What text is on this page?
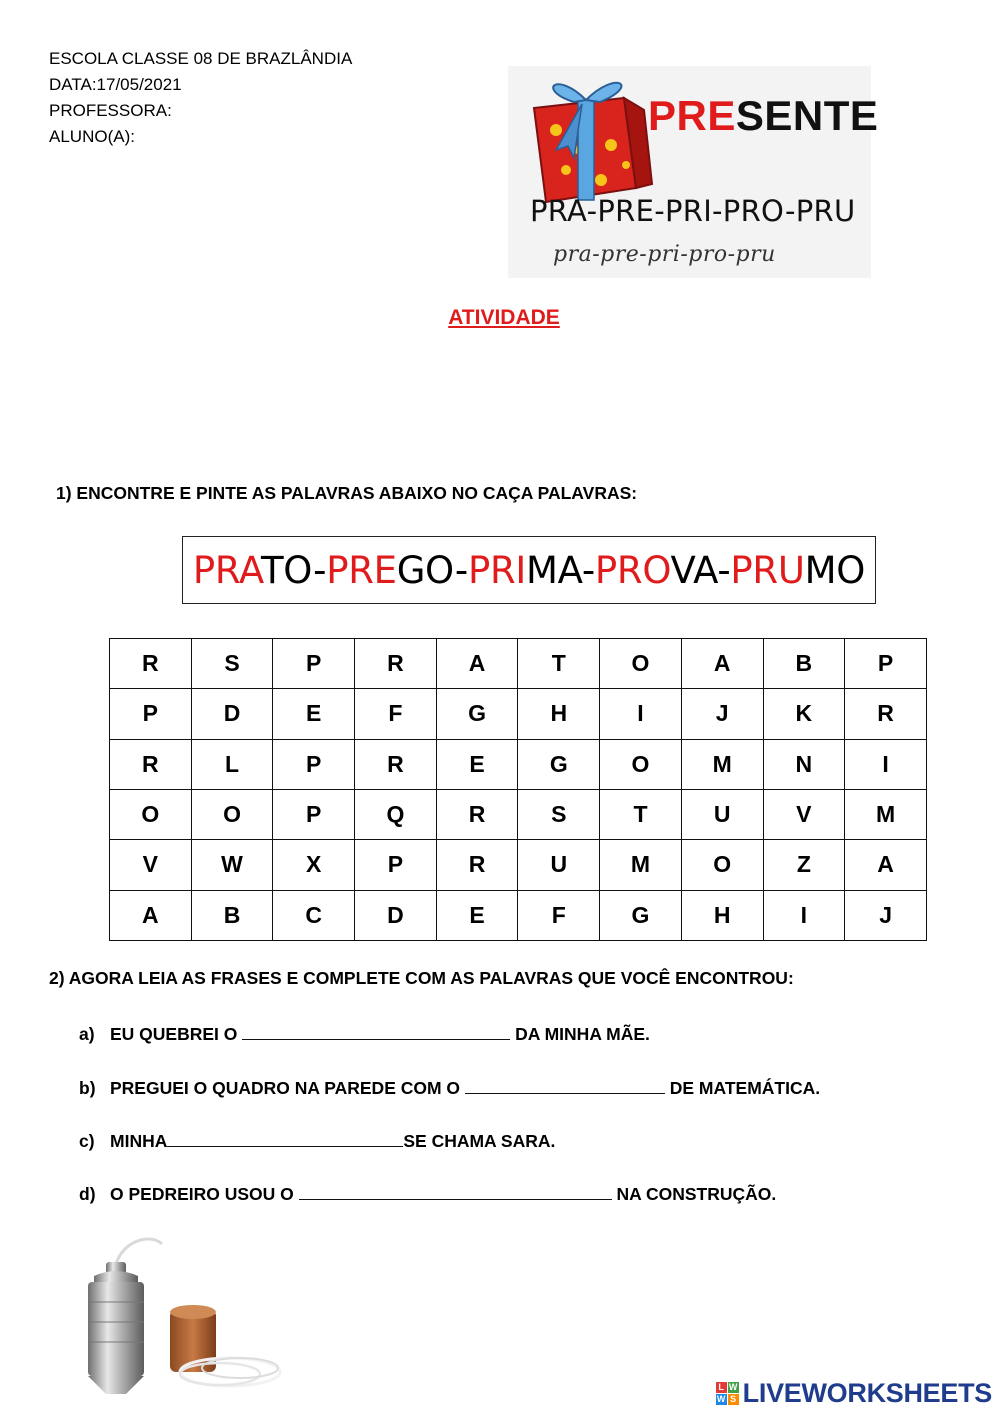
ESCOLA CLASSE 08 DE BRAZLÂNDIA
DATA:17/05/2021
PROFESSORA:
ALUNO(A):	PRESENTE
PRA-PRE-PRI-PRO-PRU
pra-pre-pri-pro-pru
ATIVIDADE
1) ENCONTRE E PINTE AS PALAVRAS ABAIXO NO CAÇA PALAVRAS:
PRATO-PREGO-PRIMA-PROVA-PRUMO
R	S	P	R	A	T	O	A	B	P
P	D	E	F	G	H	I	J	K	R
R	L	P	R	E	G	O	M	N	I
O	O	P	Q	R	S	T	U	V	M
V	W	X	P	R	U	M	O	Z	A
A	B	C	D	E	F	G	H	I	J
2) AGORA LEIA AS FRASES E COMPLETE COM AS PALAVRAS QUE VOCÊ ENCONTROU:
a) EU QUEBREI O	DA MINHA MÃE.
b) PREGUEI O QUADRO NA PAREDE COM O	DE MATEMÁTICA.
c) MINHA	SE CHAMA SARA.
d) O PEDREIRO USOU O	NA CONSTRUÇÃO.
L W
W S LIVEWORKSHEETS
